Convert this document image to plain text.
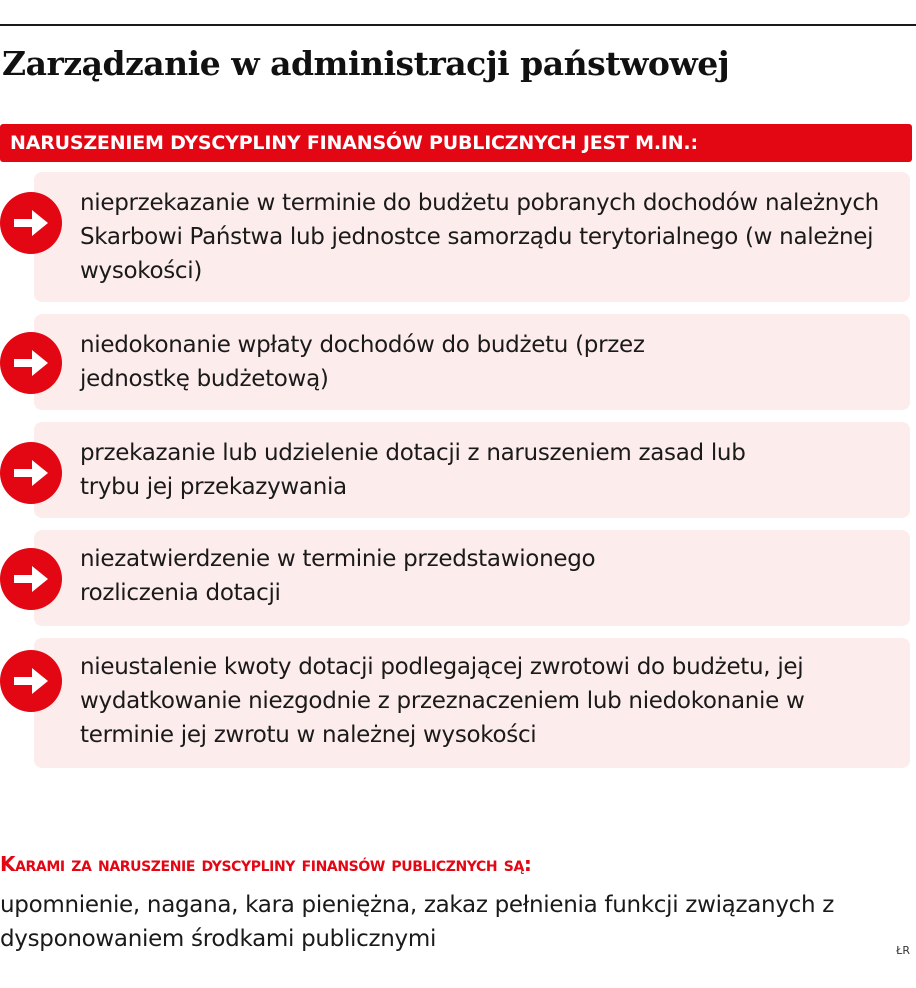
Zarządzanie w administracji państwowej
NARUSZENIEM DYSCYPLINY FINANSÓW PUBLICZNYCH JEST M.IN.:

nieprzekazanie w terminie do budżetu pobranych dochodów należnych Skarbowi Państwa lub jednostce samorządu terytorialnego (w należnej wysokości)

niedokonanie wpłaty dochodów do budżetu (przez jednostkę budżetową)

przekazanie lub udzielenie dotacji z naruszeniem zasad lub trybu jej przekazywania

niezatwierdzenie w terminie przedstawionego rozliczenia dotacji

nieustalenie kwoty dotacji podlegającej zwrotowi do budżetu, jej wydatkowanie niezgodnie z przeznaczeniem lub niedokonanie w terminie jej zwrotu w należnej wysokości

Karami za naruszenie dyscypliny finansów publicznych są:

upomnienie, nagana, kara pieniężna, zakaz pełnienia funkcji związanych z dysponowaniem środkami publicznymi	ŁR
